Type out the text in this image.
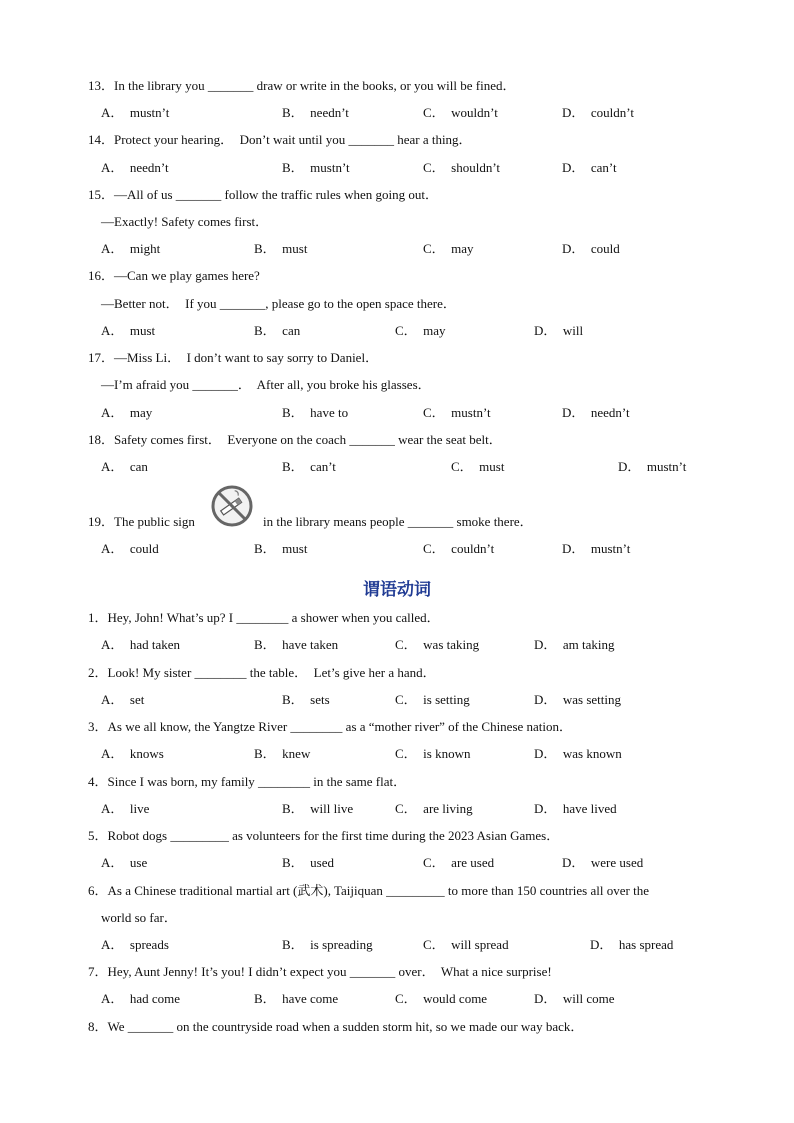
13．In the library you _______ draw or write in the books, or you will be fined．
A．  mustn’t	B．  needn’t	C．  wouldn’t	D．  couldn’t
14．Protect your hearing．  Don’t wait until you _______ hear a thing．
A．  needn’t	B．  mustn’t	C．  shouldn’t	D．  can’t
15．—All of us _______ follow the traffic rules when going out．
—Exactly! Safety comes first．
A．  might	B．  must	C．  may	D．  could
16．—Can we play games here?
—Better not．  If you _______, please go to the open space there．
A．  must	B．  can	C．  may	D．  will
17．—Miss Li．  I don’t want to say sorry to Daniel．
—I’m afraid you _______．  After all, you broke his glasses．
A．  may	B．  have to	C．  mustn’t	D．  needn’t
18．Safety comes first．  Everyone on the coach _______ wear the seat belt．
A．  can	B．  can’t	C．  must	D．  mustn’t
19．The public sign	in the library means people _______ smoke there．
A．  could	B．  must	C．  couldn’t	D．  mustn’t
谓语动词
1．Hey, John! What’s up? I ________ a shower when you called．
A．  had taken	B．  have taken	C．  was taking	D．  am taking
2．Look! My sister ________ the table．  Let’s give her a hand．
A．  set	B．  sets	C．  is setting	D．  was setting
3．As we all know, the Yangtze River ________ as a “mother river” of the Chinese nation．
A．  knows	B．  knew	C．  is known	D．  was known
4．Since I was born, my family ________ in the same flat．
A．  live	B．  will live	C．  are living	D．  have lived
5．Robot dogs _________ as volunteers for the first time during the 2023 Asian Games．
A．  use	B．  used	C．  are used	D．  were used
6．As a Chinese traditional martial art (武术), Taijiquan _________ to more than 150 countries all over the
world so far．
A．  spreads	B．  is spreading	C．  will spread	D．  has spread
7．Hey, Aunt Jenny! It’s you! I didn’t expect you _______ over．  What a nice surprise!
A．  had come	B．  have come	C．  would come	D．  will come
8．We _______ on the countryside road when a sudden storm hit, so we made our way back．
